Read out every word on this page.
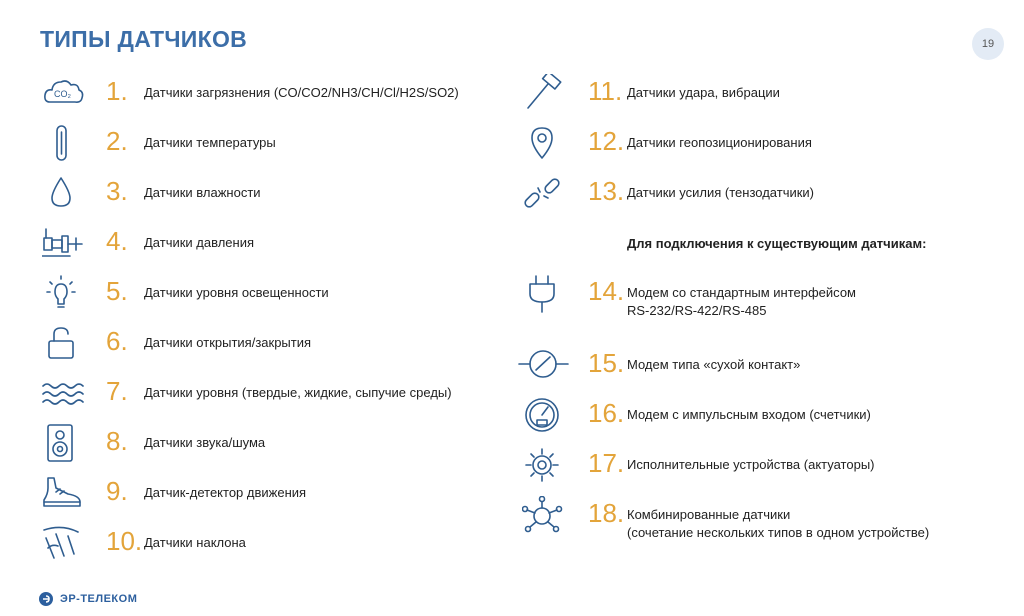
ТИПЫ ДАТЧИКОВ	19
CO₂ 1. Датчики загрязнения (CO/CO2/NH3/CH/Cl/H2S/SO2)
2. Датчики температуры
3. Датчики влажности
4. Датчики давления
5. Датчики уровня освещенности
6. Датчики открытия/закрытия
7. Датчики уровня (твердые, жидкие, сыпучие среды)
8. Датчики звука/шума
9. Датчик-детектор движения
10. Датчики наклона
11. Датчики удара, вибрации
12. Датчики геопозиционирования
13. Датчики усилия (тензодатчики)
Для подключения к существующим датчикам:
14. Модем со стандартным интерфейсом
RS-232/RS-422/RS-485
15. Модем типа «сухой контакт»
16. Модем с импульсным входом (счетчики)
17. Исполнительные устройства (актуаторы)
18. Комбинированные датчики
(сочетание нескольких типов в одном устройстве)
ЭР-ТЕЛЕКОМ
